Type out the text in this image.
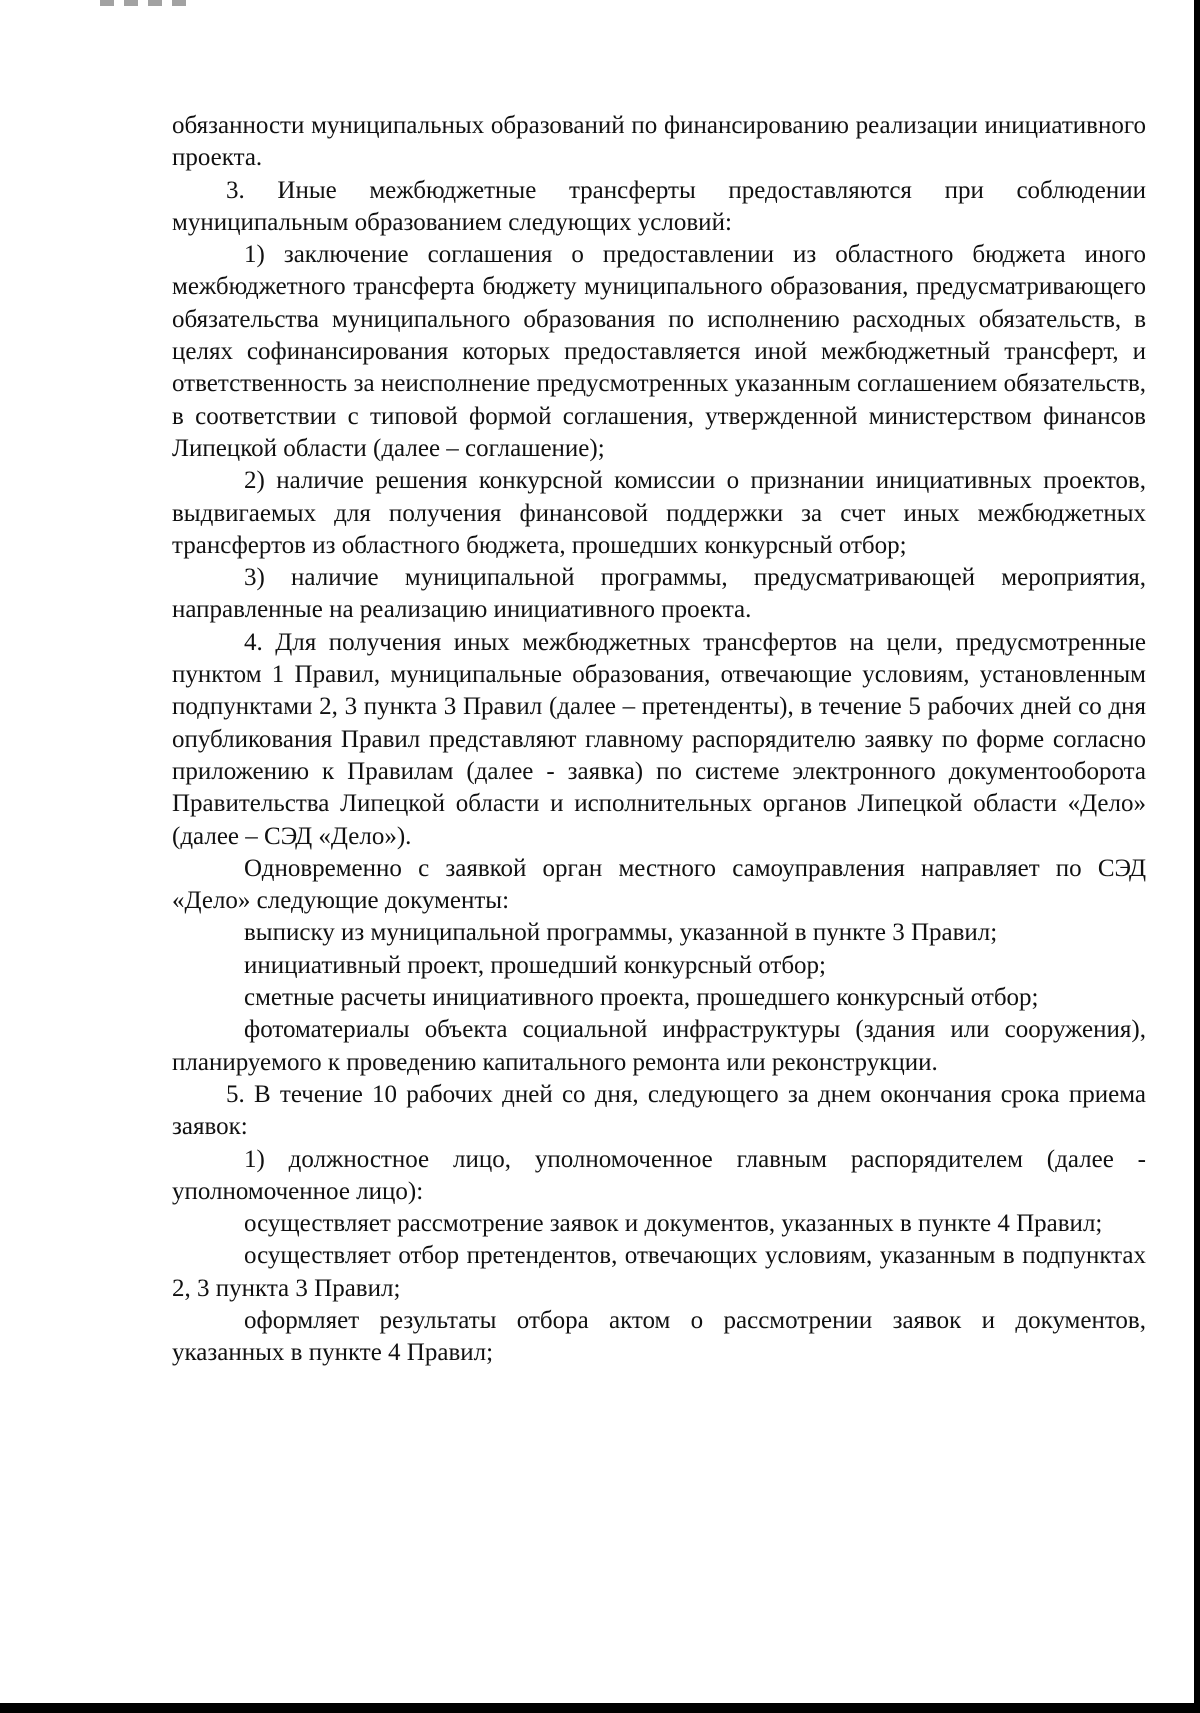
обязанности муниципальных образований по финансированию реализации инициативного проекта.

3. Иные межбюджетные трансферты предоставляются при соблюдении муниципальным образованием следующих условий:

1) заключение соглашения о предоставлении из областного бюджета иного межбюджетного трансферта бюджету муниципального образования, предусматривающего обязательства муниципального образования по исполнению расходных обязательств, в целях софинансирования которых предоставляется иной межбюджетный трансферт, и ответственность за неисполнение предусмотренных указанным соглашением обязательств, в соответствии с типовой формой соглашения, утвержденной министерством финансов Липецкой области (далее – соглашение);

2) наличие решения конкурсной комиссии о признании инициативных проектов, выдвигаемых для получения финансовой поддержки за счет иных межбюджетных трансфертов из областного бюджета, прошедших конкурсный отбор;

3) наличие муниципальной программы, предусматривающей мероприятия, направленные на реализацию инициативного проекта.

4. Для получения иных межбюджетных трансфертов на цели, предусмотренные пунктом 1 Правил, муниципальные образования, отвечающие условиям, установленным подпунктами 2, 3 пункта 3 Правил (далее – претенденты), в течение 5 рабочих дней со дня опубликования Правил представляют главному распорядителю заявку по форме согласно приложению к Правилам (далее - заявка) по системе электронного документооборота Правительства Липецкой области и исполнительных органов Липецкой области «Дело» (далее – СЭД «Дело»).

Одновременно с заявкой орган местного самоуправления направляет по СЭД «Дело» следующие документы:

выписку из муниципальной программы, указанной в пункте 3 Правил;

инициативный проект, прошедший конкурсный отбор;

сметные расчеты инициативного проекта, прошедшего конкурсный отбор;

фотоматериалы объекта социальной инфраструктуры (здания или сооружения), планируемого к проведению капитального ремонта или реконструкции.

5. В течение 10 рабочих дней со дня, следующего за днем окончания срока приема заявок:

1) должностное лицо, уполномоченное главным распорядителем (далее - уполномоченное лицо):

осуществляет рассмотрение заявок и документов, указанных в пункте 4 Правил;

осуществляет отбор претендентов, отвечающих условиям, указанным в подпунктах 2, 3 пункта 3 Правил;

оформляет результаты отбора актом о рассмотрении заявок и документов, указанных в пункте 4 Правил;
